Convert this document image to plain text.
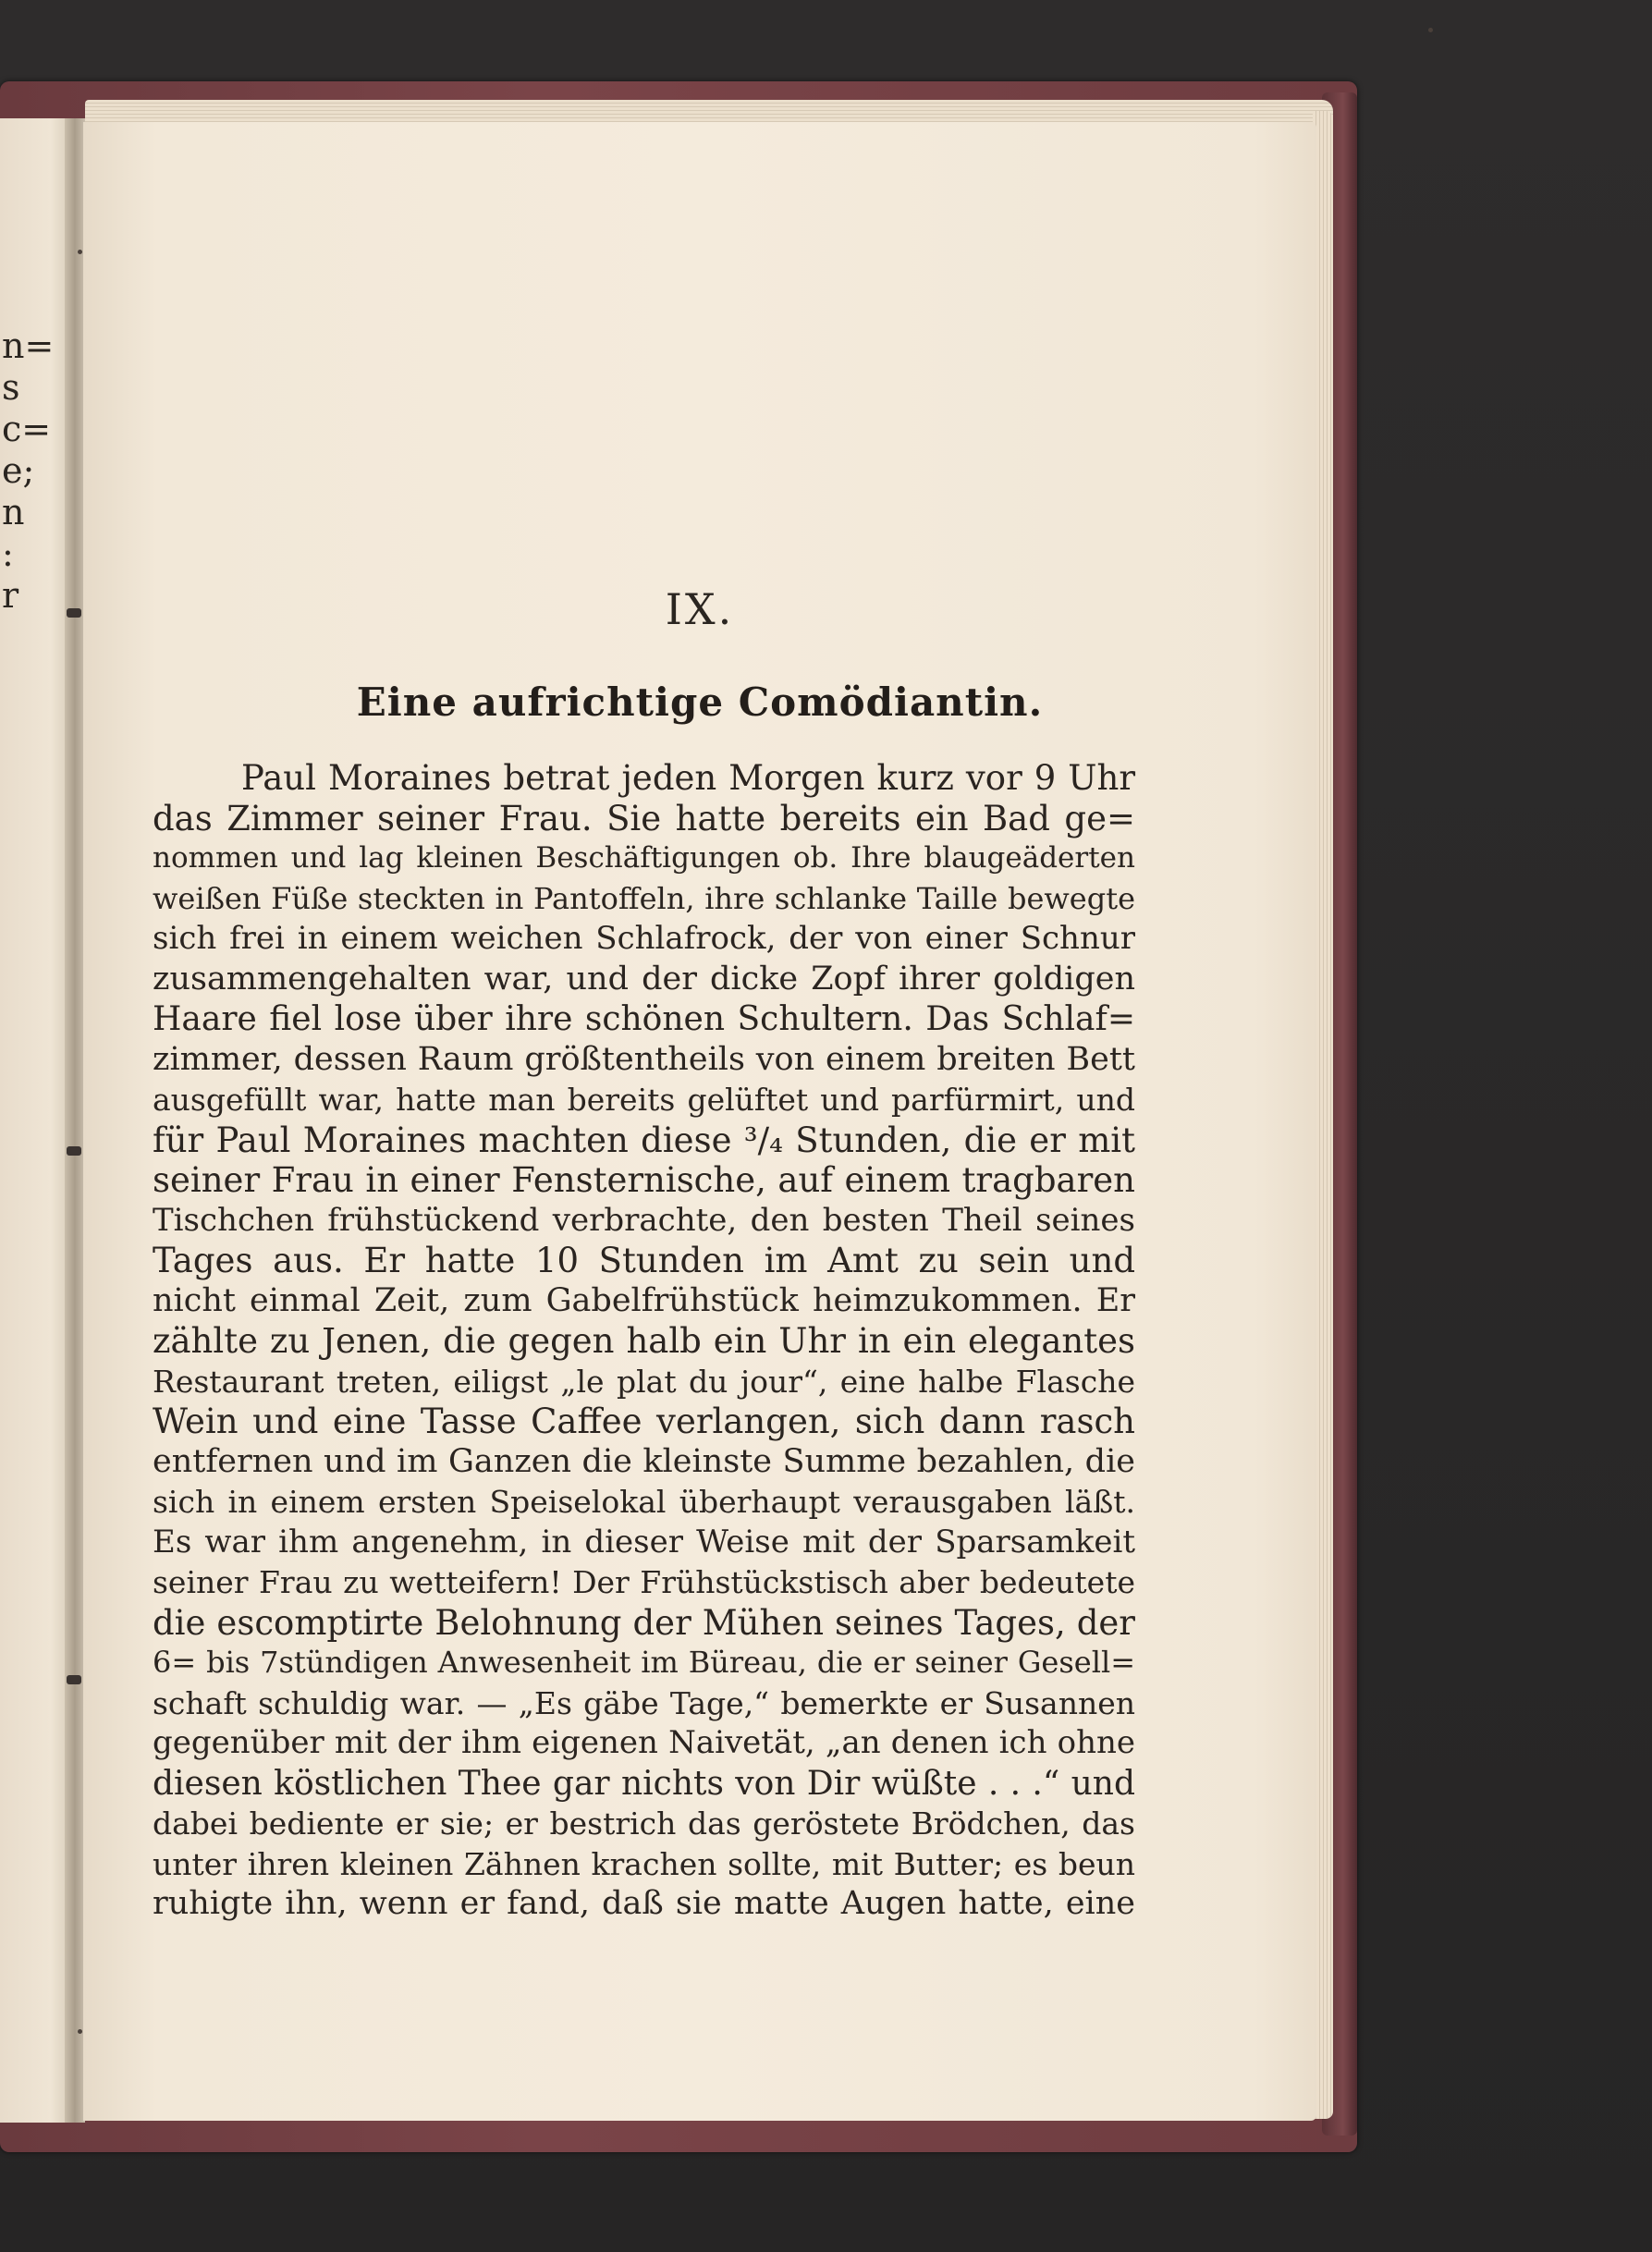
n=
s
c=
e;
n
:
r	IX.
Eine aufrichtige Comödiantin.
Paul Moraines betrat jeden Morgen kurz vor 9 Uhr
das Zimmer seiner Frau. Sie hatte bereits ein Bad ge=
nommen und lag kleinen Beschäftigungen ob. Ihre blaugeäderten
weißen Füße steckten in Pantoffeln, ihre schlanke Taille bewegte
sich frei in einem weichen Schlafrock, der von einer Schnur
zusammengehalten war, und der dicke Zopf ihrer goldigen
Haare fiel lose über ihre schönen Schultern. Das Schlaf=
zimmer, dessen Raum größtentheils von einem breiten Bett
ausgefüllt war, hatte man bereits gelüftet und parfürmirt, und
für Paul Moraines machten diese ³/₄ Stunden, die er mit
seiner Frau in einer Fensternische, auf einem tragbaren
Tischchen frühstückend verbrachte, den besten Theil seines
Tages aus. Er hatte 10 Stunden im Amt zu sein und
nicht einmal Zeit, zum Gabelfrühstück heimzukommen. Er
zählte zu Jenen, die gegen halb ein Uhr in ein elegantes
Restaurant treten, eiligst „le plat du jour“, eine halbe Flasche
Wein und eine Tasse Caffee verlangen, sich dann rasch
entfernen und im Ganzen die kleinste Summe bezahlen, die
sich in einem ersten Speiselokal überhaupt verausgaben läßt.
Es war ihm angenehm, in dieser Weise mit der Sparsamkeit
seiner Frau zu wetteifern! Der Frühstückstisch aber bedeutete
die escomptirte Belohnung der Mühen seines Tages, der
6= bis 7stündigen Anwesenheit im Büreau, die er seiner Gesell=
schaft schuldig war. — „Es gäbe Tage,“ bemerkte er Susannen
gegenüber mit der ihm eigenen Naivetät, „an denen ich ohne
diesen köstlichen Thee gar nichts von Dir wüßte . . .“ und
dabei bediente er sie; er bestrich das geröstete Brödchen, das
unter ihren kleinen Zähnen krachen sollte, mit Butter; es beun
ruhigte ihn, wenn er fand, daß sie matte Augen hatte, eine
